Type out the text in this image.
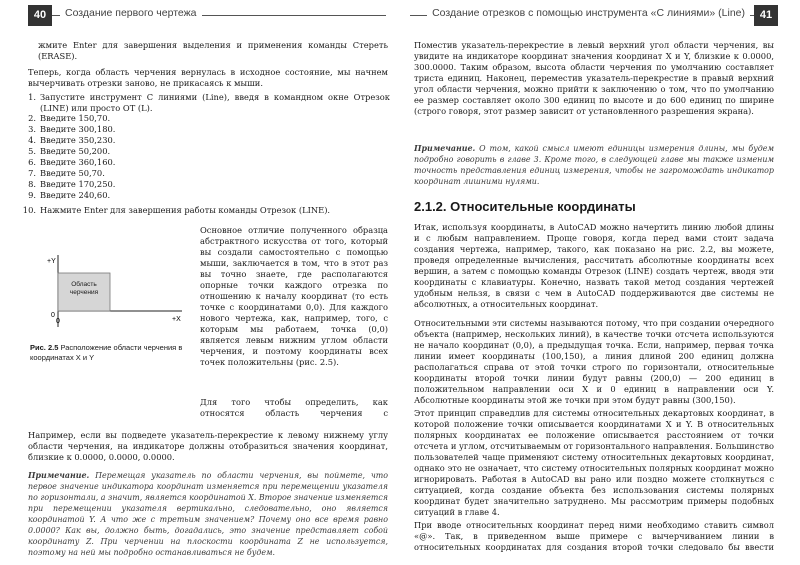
40	Создание первого чертежа
жмите Enter для завершения выделения и применения команды Стереть (ERASE).
Теперь, когда область черчения вернулась в исходное состояние, мы начнем вычерчивать отрезки заново, не прикасаясь к мыши.
1. Запустите инструмент С линиями (Line), введя в командном окне Отрезок (LINE) или просто ОТ (L).
2. Введите 150,70.
3. Введите 300,180.
4. Введите 350,230.
5. Введите 50,200.
6. Введите 360,160.
7. Введите 50,70.
8. Введите 170,250.
9. Введите 240,60.
10. Нажмите Enter для завершения работы команды Отрезок (LINE).
+Y
+X
0
0
Область черчения
Рис. 2.5 Расположение области черчения в координатах X и Y
Основное отличие полученного образца абстрактного искусства от того, который вы создали самостоятельно с помощью мыши, заключается в том, что в этот раз вы точно знаете, где располагаются опорные точки каждого отрезка по отношению к началу координат (то есть точке с координатами 0,0). Для каждого нового чертежа, как, например, того, с которым мы работаем, точка (0,0) является левым нижним углом области черчения, и поэтому координаты всех точек положительны (рис. 2.5).
Для того чтобы определить, как относятся область черчения с
Например, если вы подведете указатель-перекрестие к левому нижнему углу области черчения, на индикаторе должны отобразиться значения координат, близкие к 0.0000, 0.0000, 0.0000.
Примечание. Перемещая указатель по области черчения, вы поймете, что первое значение индикатора координат изменяется при перемещении указателя по горизонтали, а значит, является координатой X. Второе значение изменяется при перемещении указателя вертикально, следовательно, оно является координатой Y. А что же с третьим значением? Почему оно все время равно 0.0000? Как вы, должно быть, догадались, это значение представляет собой координату Z. При черчении на плоскости координата Z не используется, поэтому на ней мы подробно останавливаться не будем.
Создание отрезков с помощью инструмента «С линиями» (Line)	41
Поместив указатель-перекрестие в левый верхний угол области черчения, вы увидите на индикаторе координат значения координат X и Y, близкие к 0.0000, 300.0000. Таким образом, высота области черчения по умолчанию составляет триста единиц. Наконец, переместив указатель-перекрестие в правый верхний угол области черчения, можно прийти к заключению о том, что по умолчанию ее размер составляет около 300 единиц по высоте и до 600 единиц по ширине (строго говоря, этот размер зависит от установленного разрешения экрана).
Примечание. О том, какой смысл имеют единицы измерения длины, мы будем подробно говорить в главе 3. Кроме того, в следующей главе мы также изменим точность представления единиц измерения, чтобы не загромождать индикатор координат лишними нулями.
2.1.2. Относительные координаты
Итак, используя координаты, в AutoCAD можно начертить линию любой длины и с любым направлением. Проще говоря, когда перед вами стоит задача создания чертежа, например, такого, как показано на рис. 2.2, вы можете, проведя определенные вычисления, рассчитать абсолютные координаты всех вершин, а затем с помощью команды Отрезок (LINE) создать чертеж, вводя эти координаты с клавиатуры. Конечно, назвать такой метод создания чертежей удобным нельзя, в связи с чем в AutoCAD поддерживаются две системы не абсолютных, а относительных координат.
Относительными эти системы называются потому, что при создании очередного объекта (например, нескольких линий), в качестве точки отсчета используются не начало координат (0,0), а предыдущая точка. Если, например, первая точка линии имеет координаты (100,150), а линия длиной 200 единиц должна располагаться справа от этой точки строго по горизонтали, относительные координаты второй точки линии будут равны (200,0) — 200 единиц в положительном направлении оси X и 0 единиц в направлении оси Y. Абсолютные координаты этой же точки при этом будут равны (300,150).
Этот принцип справедлив для системы относительных декартовых координат, в которой положение точки описывается координатами X и Y. В относительных полярных координатах ее положение описывается расстоянием от точки отсчета и углом, отсчитываемым от горизонтального направления. Большинство пользователей чаще применяют систему относительных декартовых координат, однако это не означает, что систему относительных полярных координат можно игнорировать. Работая в AutoCAD вы рано или поздно можете столкнуться с ситуацией, когда создание объекта без использования системы полярных координат будет значительно затруднено. Мы рассмотрим примеры подобных ситуаций в главе 4.
При вводе относительных координат перед ними необходимо ставить символ «@». Так, в приведенном выше примере с вычерчиванием линии в относительных координатах для создания второй точки следовало бы ввести
